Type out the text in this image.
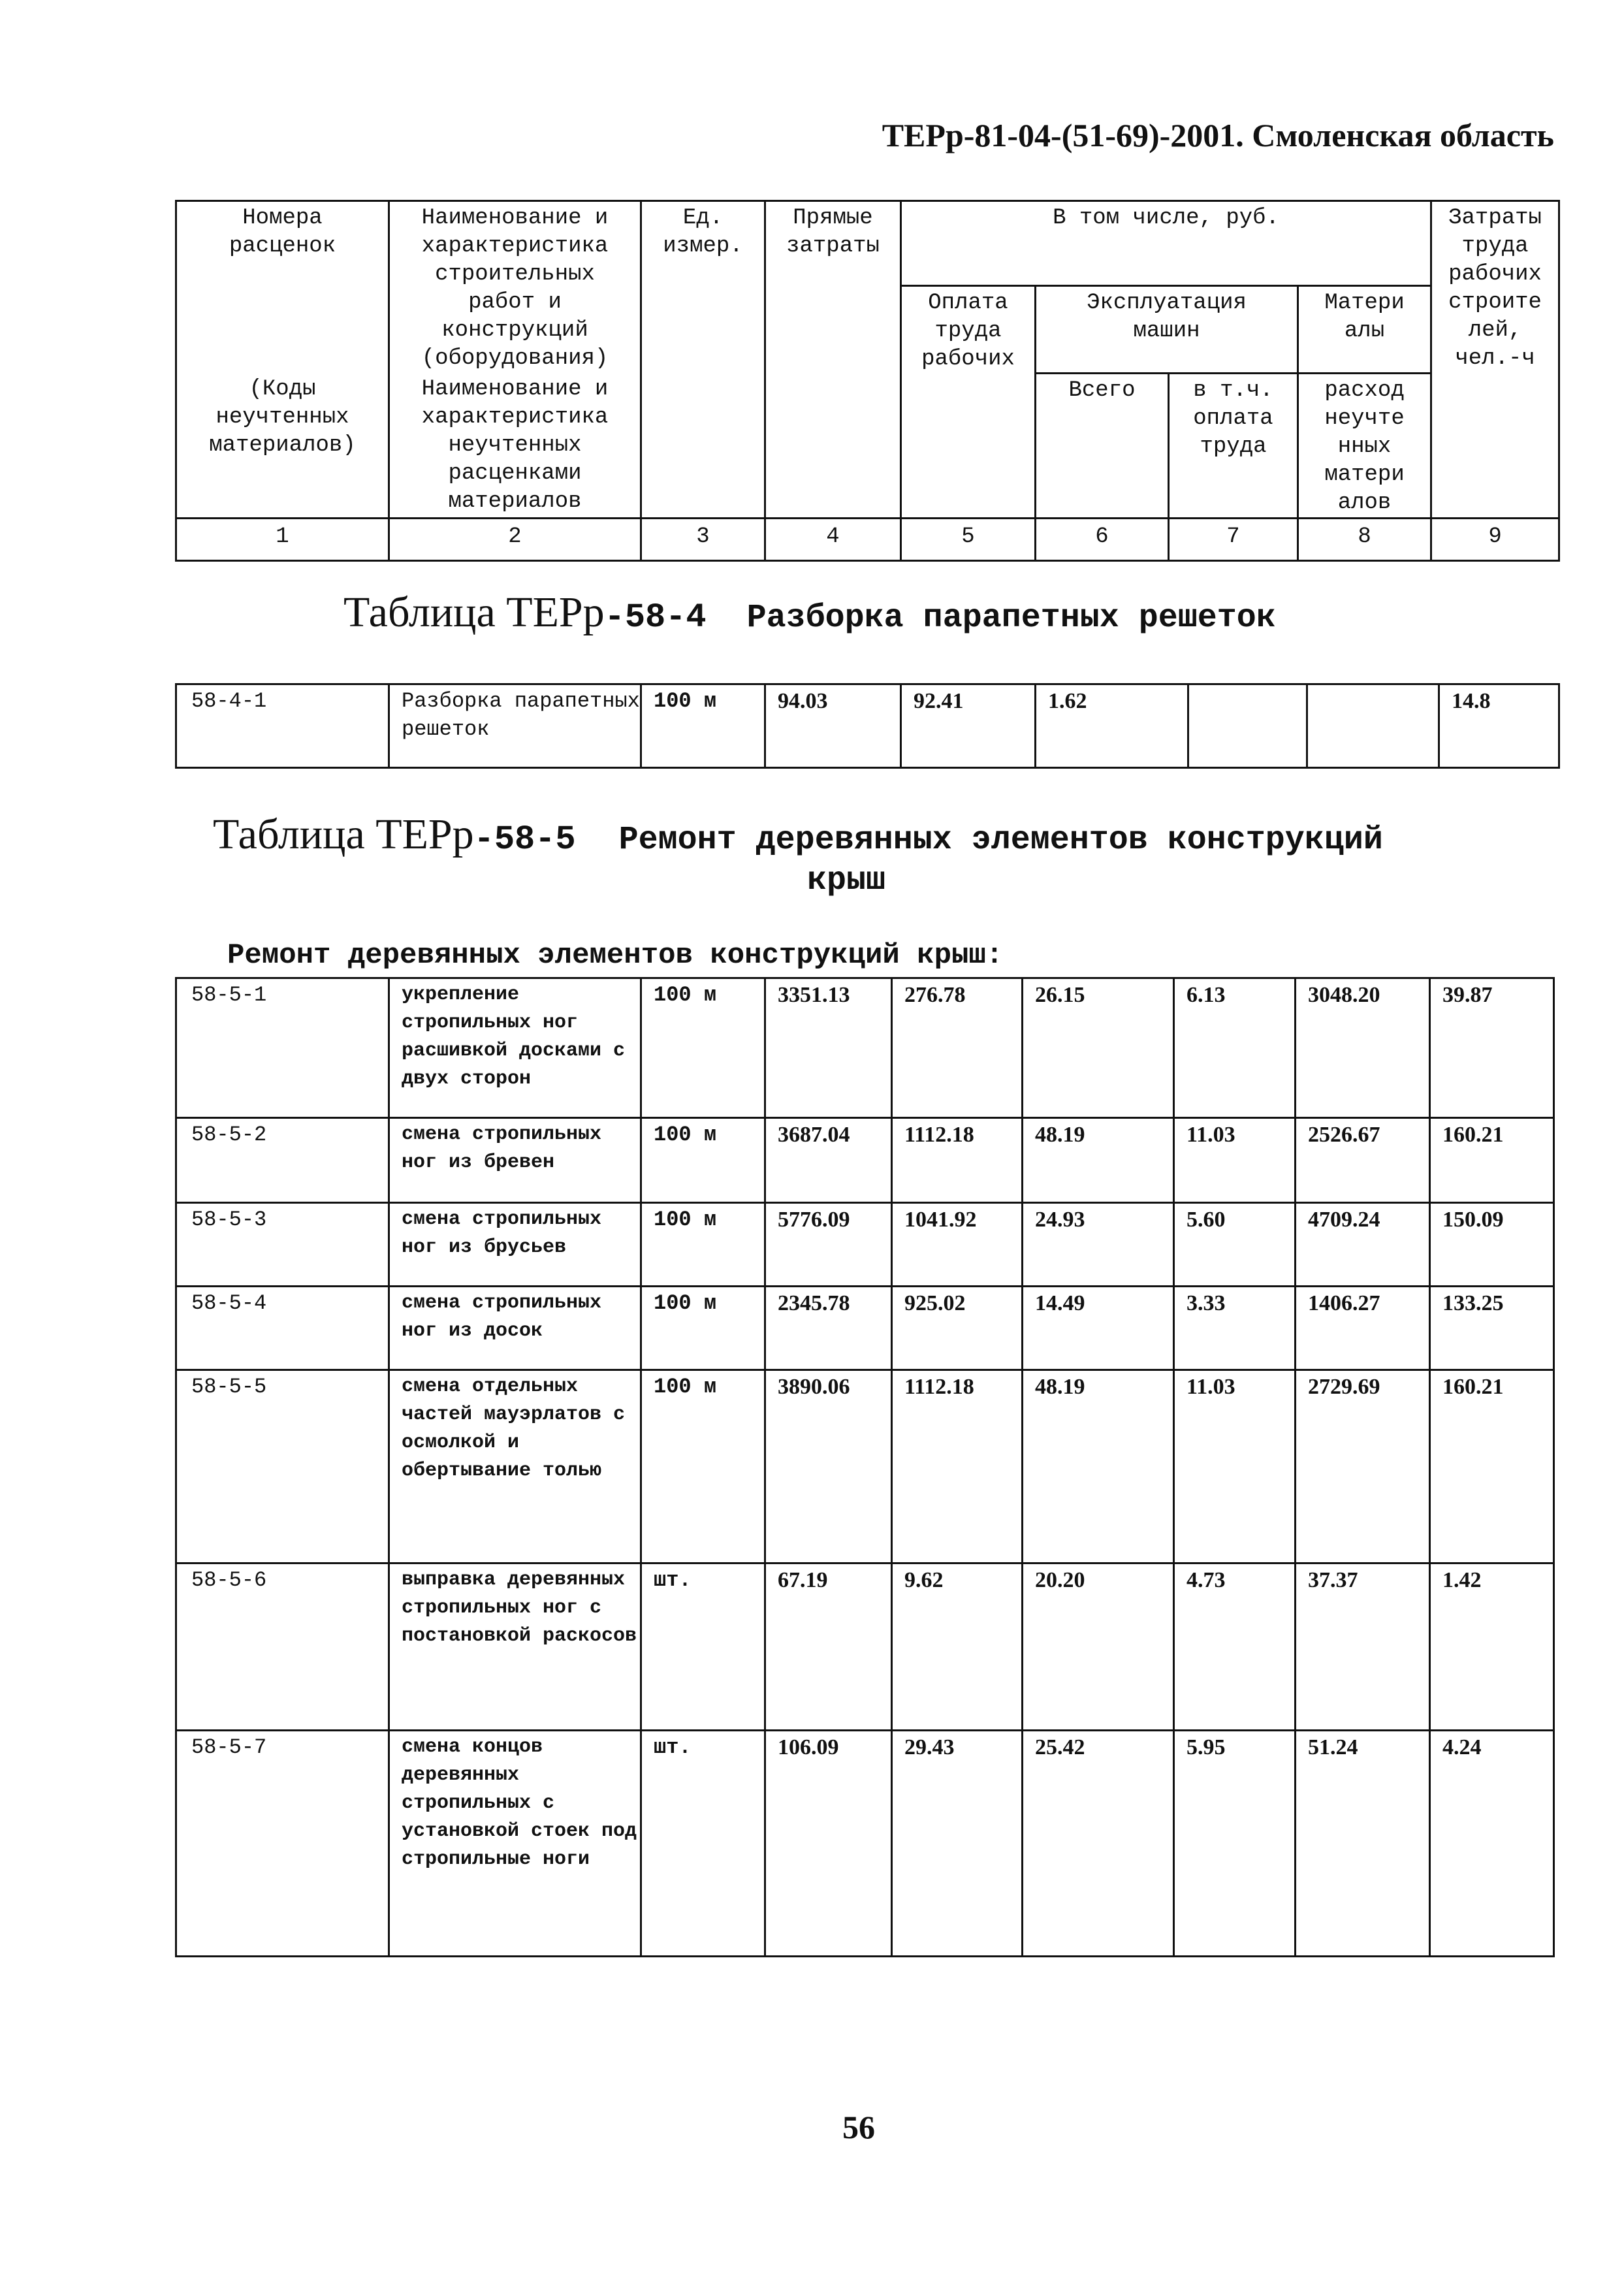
ТЕРр-81-04-(51-69)-2001. Смоленская область
Номера расценок	Наименование и характеристика строительных работ и конструкций (оборудования)	Ед. измер.	Прямые затраты	В том числе, руб.				Затраты труда рабочих строите лей, чел.-ч

				Оплата труда рабочих	Эксплуатация машин		Матери алы	

(Коды неучтенных материалов)	Наименование и характеристика неучтенных расценками материалов				Всего	в т.ч. оплата труда	расход неучте нных матери алов	

1	2	3	4	5	6	7	8	9
Таблица ТЕРр-58-4 Разборка парапетных решеток
58-4-1	Разборка парапетных решеток	100 м	94.03	92.41	1.62			14.8
Таблица ТЕРр-58-5 Ремонт деревянных элементов конструкций
крыш
Ремонт деревянных элементов конструкций крыш:
58-5-1	укрепление стропильных ног расшивкой досками с двух сторон	100 м	3351.13	276.78	26.15	6.13	3048.20	39.87
58-5-2	смена стропильных ног из бревен	100 м	3687.04	1112.18	48.19	11.03	2526.67	160.21
58-5-3	смена стропильных ног из брусьев	100 м	5776.09	1041.92	24.93	5.60	4709.24	150.09
58-5-4	смена стропильных ног из досок	100 м	2345.78	925.02	14.49	3.33	1406.27	133.25
58-5-5	смена отдельных частей мауэрлатов с осмолкой и обертывание толью	100 м	3890.06	1112.18	48.19	11.03	2729.69	160.21
58-5-6	выправка деревянных стропильных ног с постановкой раскосов	шт.	67.19	9.62	20.20	4.73	37.37	1.42
58-5-7	смена концов деревянных стропильных с установкой стоек под стропильные ноги	шт.	106.09	29.43	25.42	5.95	51.24	4.24
56
